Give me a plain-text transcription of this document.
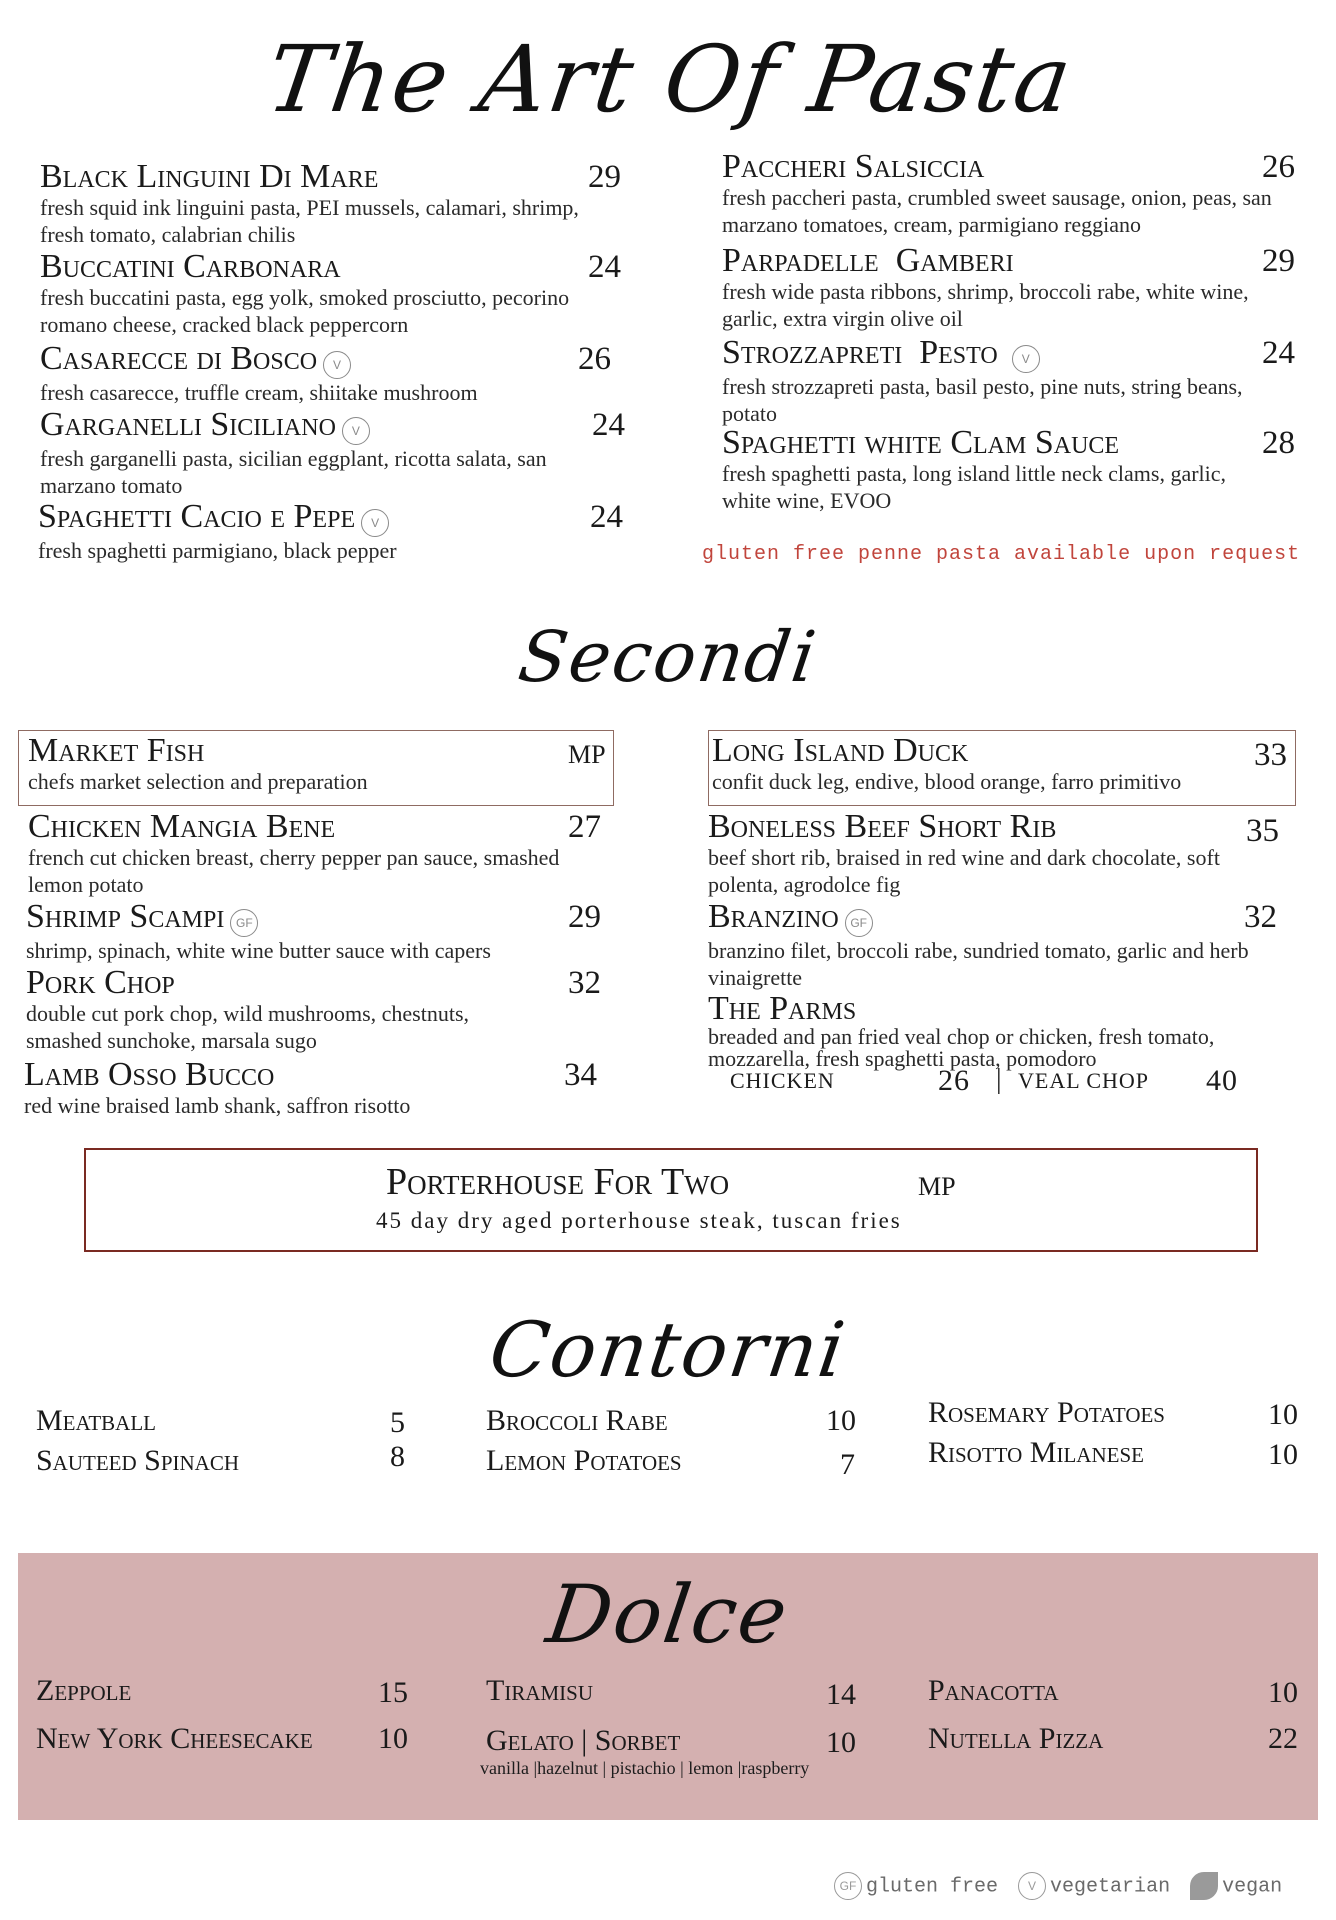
The Art Of Pasta
Black Linguini Di Mare	29
fresh squid ink linguini pasta, PEI mussels, calamari, shrimp, fresh tomato, calabrian chilis
Buccatini Carbonara	24
fresh buccatini pasta, egg yolk, smoked prosciutto, pecorino romano cheese, cracked black peppercorn
Casarecce di Bosco V	26
fresh casarecce, truffle cream, shiitake mushroom
Garganelli Siciliano V	24
fresh garganelli pasta, sicilian eggplant, ricotta salata, san marzano tomato
Spaghetti Cacio e Pepe V	24
fresh spaghetti parmigiano, black pepper
Paccheri Salsiccia	26
fresh paccheri pasta, crumbled sweet sausage, onion, peas, san marzano tomatoes, cream, parmigiano reggiano
Parpadelle  Gamberi	29
fresh wide pasta ribbons, shrimp, broccoli rabe, white wine, garlic, extra virgin olive oil
Strozzapreti  Pesto V	24
fresh strozzapreti pasta, basil pesto, pine nuts, string beans, potato
Spaghetti white Clam Sauce	28
fresh spaghetti pasta, long island little neck clams, garlic, white wine, EVOO
gluten free penne pasta available upon request
Secondi
Market Fish	MP
chefs market selection and preparation
Chicken Mangia Bene	27
french cut chicken breast, cherry pepper pan sauce, smashed lemon potato
Shrimp Scampi GF	29
shrimp, spinach, white wine butter sauce with capers
Pork Chop	32
double cut pork chop, wild mushrooms, chestnuts, smashed sunchoke, marsala sugo
Lamb Osso Bucco	34
red wine braised lamb shank, saffron risotto
Long Island Duck	33
confit duck leg, endive, blood orange, farro primitivo
Boneless Beef Short Rib	35
beef short rib, braised in red wine and dark chocolate, soft polenta, agrodolce fig
Branzino GF	32
branzino filet, broccoli rabe, sundried tomato, garlic and herb vinaigrette
The Parms
breaded and pan fried veal chop or chicken, fresh tomato, mozzarella, fresh spaghetti pasta, pomodoro
CHICKEN	26 | VEAL CHOP 40
Porterhouse For Two	MP
45 day dry aged porterhouse steak, tuscan fries
Contorni
Meatball	5
Sauteed Spinach	8
Broccoli Rabe	10
Lemon Potatoes	7
Rosemary Potatoes	10
Risotto Milanese	10
Dolce
Zeppole	15
New York Cheesecake 10
Tiramisu	14
Gelato | Sorbet	10
vanilla |hazelnut | pistachio | lemon |raspberry
Panacotta	10
Nutella Pizza	22
GF gluten free	V vegetarian	vegan
